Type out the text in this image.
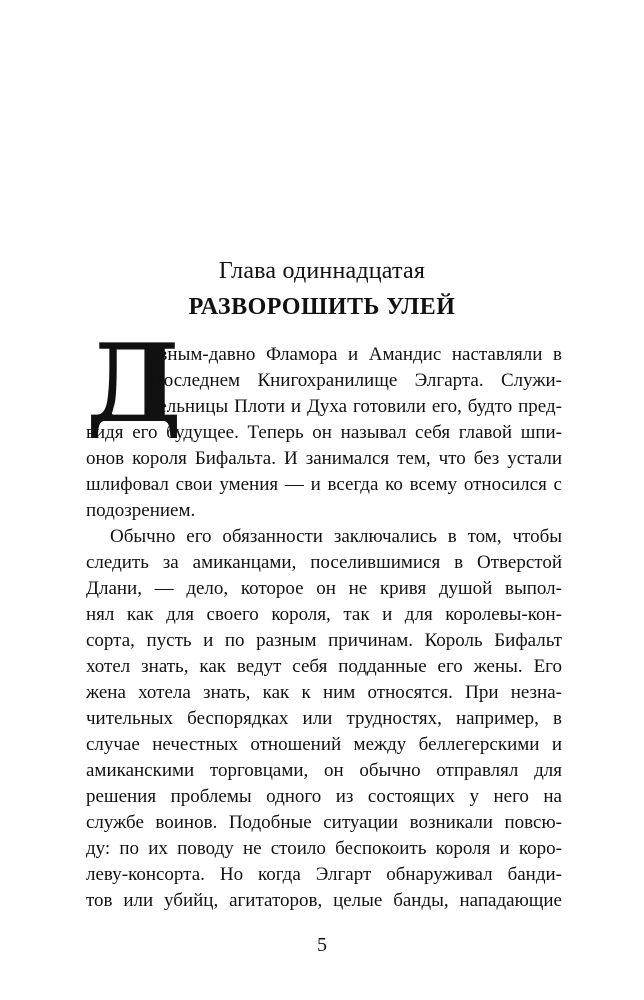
Глава одиннадцатая
РАЗВОРОШИТЬ УЛЕЙ
Д
авным-давно Фламора и Амандис наставляли в
Последнем Книгохранилище Элгарта. Служи-
тельницы Плоти и Духа готовили его, будто пред-
видя его будущее. Теперь он называл себя главой шпи-
онов короля Бифальта. И занимался тем, что без устали
шлифовал свои умения — и всегда ко всему относился с
подозрением.
Обычно его обязанности заключались в том, чтобы
следить за амиканцами, поселившимися в Отверстой
Длани, — дело, которое он не кривя душой выпол-
нял как для своего короля, так и для королевы-кон-
сорта, пусть и по разным причинам. Король Бифальт
хотел знать, как ведут себя подданные его жены. Его
жена хотела знать, как к ним относятся. При незна-
чительных беспорядках или трудностях, например, в
случае нечестных отношений между беллегерскими и
амиканскими торговцами, он обычно отправлял для
решения проблемы одного из состоящих у него на
службе воинов. Подобные ситуации возникали повсю-
ду: по их поводу не стоило беспокоить короля и коро-
леву-консорта. Но когда Элгарт обнаруживал банди-
тов или убийц, агитаторов, целые банды, нападающие
5
